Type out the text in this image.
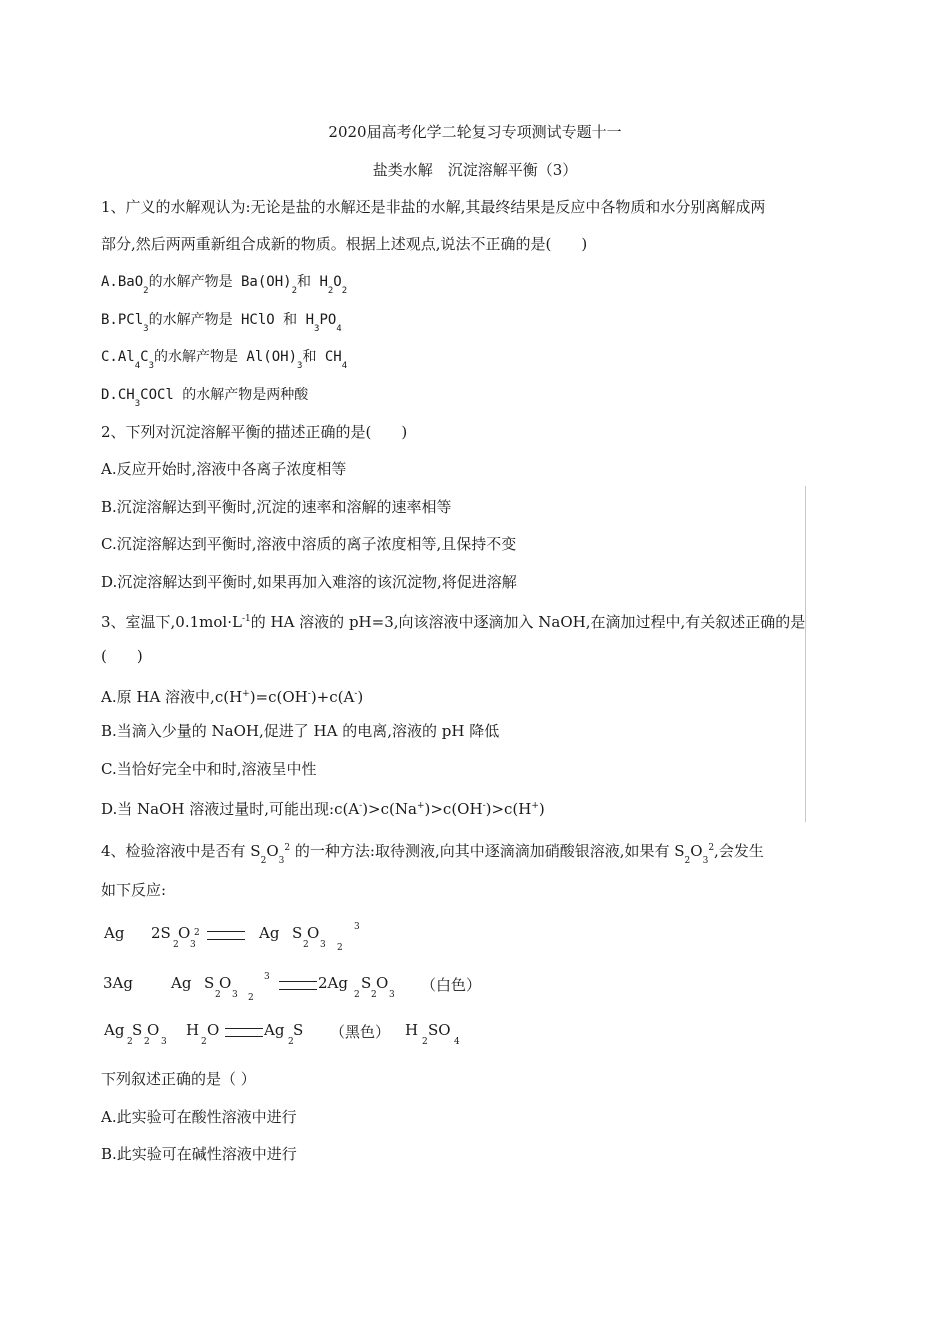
2020届高考化学二轮复习专项测试专题十一
盐类水解　沉淀溶解平衡（3）
1、广义的水解观认为:无论是盐的水解还是非盐的水解,其最终结果是反应中各物质和水分别离解成两
部分,然后两两重新组合成新的物质。根据上述观点,说法不正确的是(　　)
A.BaO$_2$的水解产物是 $Ba(OH)_2$和 $H_2O_2$
B.PCl$_3$的水解产物是 HClO 和 $H_3PO_4$
$C.Al_4C_3$的水解产物是 $Al(OH)_3$和 $CH_4$
$D.CH_3COCl$ 的水解产物是两种酸
2、下列对沉淀溶解平衡的描述正确的是(　　)
A.反应开始时,溶液中各离子浓度相等
B.沉淀溶解达到平衡时,沉淀的速率和溶解的速率相等
C.沉淀溶解达到平衡时,溶液中溶质的离子浓度相等,且保持不变
D.沉淀溶解达到平衡时,如果再加入难溶的该沉淀物,将促进溶解
3、室温下$,0.1mol\cdot L^{-1}$的 HA 溶液的 pH=3,向该溶液中逐滴加入 NaOH,在滴加过程中,有关叙述正确的是
(　　)
A.原 HA 溶液中,c(H+)=c(OH-)+c(A-)
B.当滴入少量的 NaOH,促进了 HA 的电离,溶液的 pH 降低
C.当恰好完全中和时,溶液呈中性
D.当 NaOH 溶液过量时,可能出现:c(A-)>c(Na+)>c(OH-)>c(H+)
4、检验溶液中是否有 $S_2O_3^2$ 的一种方法:取待测液,向其中逐滴滴加硝酸银溶液,如果有 $S_2O_3^2$,会发生
如下反应:
Ag 2S O
2 3
2	Ag S O
2 3 2
3
3Ag	Ag S O
2 3 2
3	2Ag S O
2 2 3
（白色）
Ag S O
2 2 3
H O
2
Ag S
2
（黑色） H SO
2	4
下列叙述正确的是（ ）
A.此实验可在酸性溶液中进行
B.此实验可在碱性溶液中进行
